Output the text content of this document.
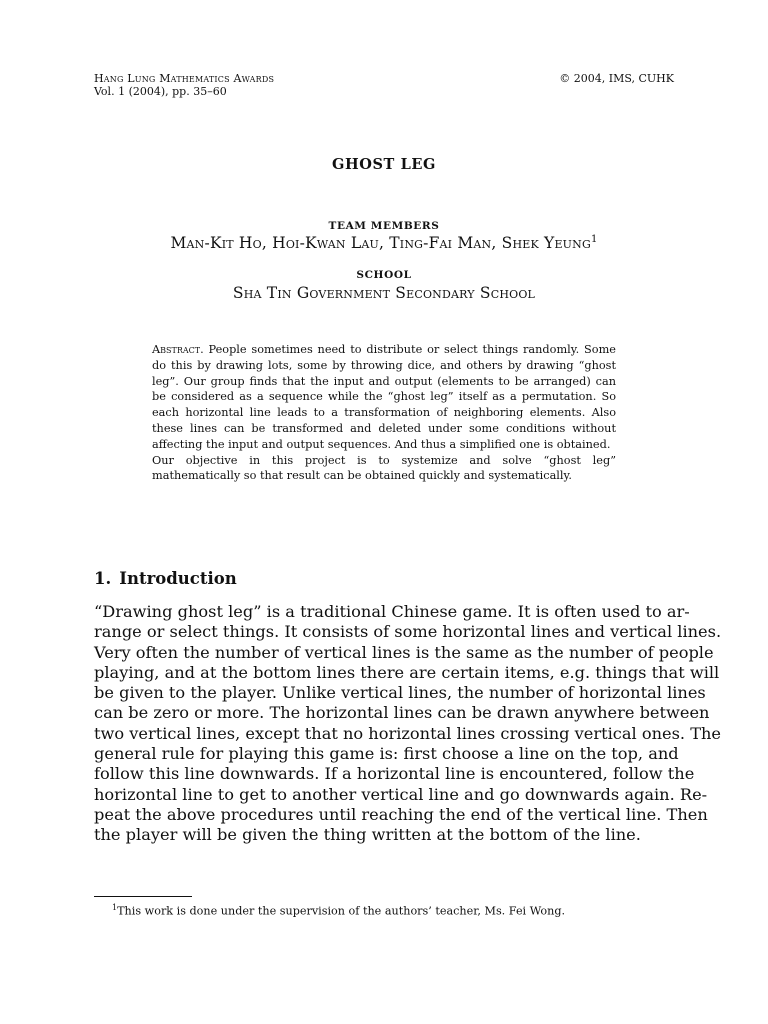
Hang Lung Mathematics Awards
Vol. 1 (2004), pp. 35–60
© 2004, IMS, CUHK
GHOST LEG
TEAM MEMBERS
Man-Kit Ho, Hoi-Kwan Lau, Ting-Fai Man, Shek Yeung$^1$
SCHOOL
Sha Tin Government Secondary School

Abstract. People sometimes need to distribute or select things randomly. Some do this by drawing lots, some by throwing dice, and others by drawing “ghost leg”. Our group finds that the input and output (elements to be arranged) can be considered as a sequence while the “ghost leg” itself as a permutation. So each horizontal line leads to a transformation of neighboring elements. Also these lines can be transformed and deleted under some conditions without affecting the input and output sequences. And thus a simplified one is obtained.

Our objective in this project is to systemize and solve “ghost leg” mathematically so that result can be obtained quickly and systematically.

1. Introduction
“Drawing ghost leg” is a traditional Chinese game. It is often used to ar-
range or select things. It consists of some horizontal lines and vertical lines.
Very often the number of vertical lines is the same as the number of people
playing, and at the bottom lines there are certain items, e.g. things that will
be given to the player. Unlike vertical lines, the number of horizontal lines
can be zero or more. The horizontal lines can be drawn anywhere between
two vertical lines, except that no horizontal lines crossing vertical ones. The
general rule for playing this game is: first choose a line on the top, and
follow this line downwards. If a horizontal line is encountered, follow the
horizontal line to get to another vertical line and go downwards again. Re-
peat the above procedures until reaching the end of the vertical line. Then
the player will be given the thing written at the bottom of the line.
$^1$This work is done under the supervision of the authors’ teacher, Ms. Fei Wong.
